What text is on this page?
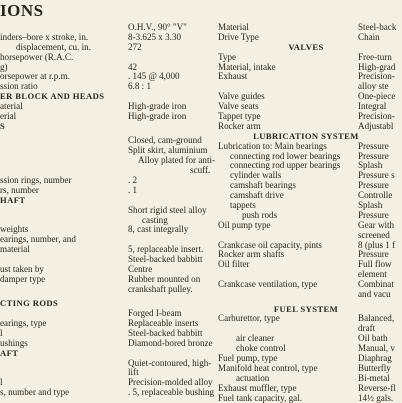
IONS
O.H.V., 90° "V"
inders–bore x stroke, in.	8-3.625 x 3.30
displacement, cu. in.	272
horsepower (R.A.C.
g)	42
orsepower at r.p.m.	. 145 @ 4,000
ssion ratio	6.8 : 1
ER BLOCK AND HEADS
aterial	High-grade iron
erial	High-grade iron
S
Closed, cam-ground
Split skirt, aluminium
Alloy plated for anti-
scuff.
ssion rings, number	. 2
rs, number	. 1
HAFT
Short rigid steel alloy
casting
weights	8, cast integrally
earings, number, and
material	5, replaceable insert.
Steel-backed babbitt
ust taken by	Centre
damper type	Rubber mounted on
crankshaft pulley.
CTING RODS
Forged I-beam
earings, type	Replaceable inserts
l	Steel-backed babbitt
ushings	Diamond-bored bronze
AFT
Quiet-contoured, high-
lift
l	Precision-molded alloy
s, number and type	. 5, replaceable bushing
Material	Steel-back
Drive Type	Chain
VALVES
Type	Free-turn
Material, intake	High-grad
Exhaust	Precision-
alloy ste
Valve guides	One-piece
Valve seats	Integral
Tappet type	Precision-
Rocker arm	Adjustabl
LUBRICATION SYSTEM
Lubrication to: Main bearings	Pressure
connecting rod lower bearings	Pressure
connecting rod upper bearings	Splash
cylinder walls	Pressure s
camshaft bearings	Pressure
camshaft drive	Controlle
tappets	Splash
push rods	Pressure
Oil pump type	Gear with
screened
Crankcase oil capacity, pints	8 (plus 1 f
Rocker arm shafts	Pressure
Oil filter	Full flow
element
Crankcase ventilation, type	Combinat
and vacu
FUEL SYSTEM
Carburettor, type	Balanced,
draft
air cleaner	Oil bath
choke control	Manual, v
Fuel pump, type	Diaphrag
Manifold heat control, type	Butterfly
actuation	Bi-metal
Exhaust muffler, type	Reverse-fl
Fuel tank capacity, gal.	14½ gals.
